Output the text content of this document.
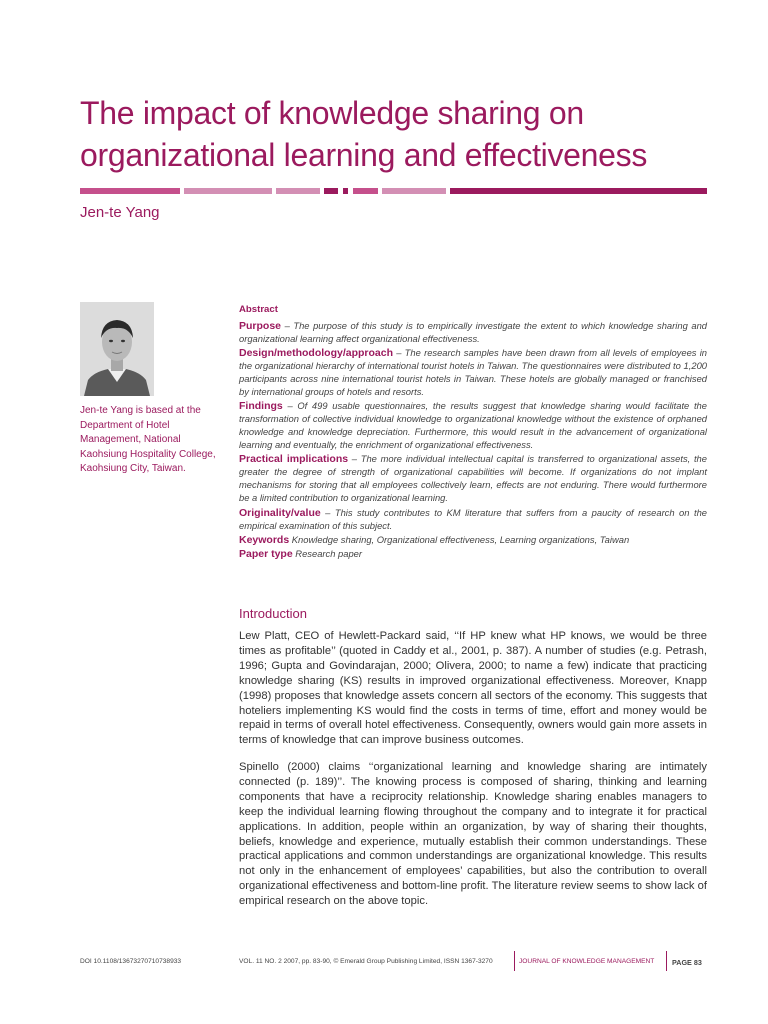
The impact of knowledge sharing on organizational learning and effectiveness
Jen-te Yang
Jen-te Yang is based at the Department of Hotel Management, National Kaohsiung Hospitality College, Kaohsiung City, Taiwan.
Abstract

Purpose – The purpose of this study is to empirically investigate the extent to which knowledge sharing and organizational learning affect organizational effectiveness.

Design/methodology/approach – The research samples have been drawn from all levels of employees in the organizational hierarchy of international tourist hotels in Taiwan. The questionnaires were distributed to 1,200 participants across nine international tourist hotels in Taiwan. These hotels are globally managed or franchised by international groups of hotels and resorts.

Findings – Of 499 usable questionnaires, the results suggest that knowledge sharing would facilitate the transformation of collective individual knowledge to organizational knowledge without the existence of orphaned knowledge and knowledge depreciation. Furthermore, this would result in the advancement of organizational learning and eventually, the enrichment of organizational effectiveness.

Practical implications – The more individual intellectual capital is transferred to organizational assets, the greater the degree of strength of organizational capabilities will become. If organizations do not implant mechanisms for storing that all employees collectively learn, effects are not enduring. There would furthermore be a limited contribution to organizational learning.

Originality/value – This study contributes to KM literature that suffers from a paucity of research on the empirical examination of this subject.

Keywords Knowledge sharing, Organizational effectiveness, Learning organizations, Taiwan

Paper type Research paper

Introduction

Lew Platt, CEO of Hewlett-Packard said, ‘‘If HP knew what HP knows, we would be three times as profitable’’ (quoted in Caddy et al., 2001, p. 387). A number of studies (e.g. Petrash, 1996; Gupta and Govindarajan, 2000; Olivera, 2000; to name a few) indicate that practicing knowledge sharing (KS) results in improved organizational effectiveness. Moreover, Knapp (1998) proposes that knowledge assets concern all sectors of the economy. This suggests that hoteliers implementing KS would find the costs in terms of time, effort and money would be repaid in terms of overall hotel effectiveness. Consequently, owners would gain more assets in terms of knowledge that can improve business outcomes.

Spinello (2000) claims ‘‘organizational learning and knowledge sharing are intimately connected (p. 189)’’. The knowing process is composed of sharing, thinking and learning components that have a reciprocity relationship. Knowledge sharing enables managers to keep the individual learning flowing throughout the company and to integrate it for practical applications. In addition, people within an organization, by way of sharing their thoughts, beliefs, knowledge and experience, mutually establish their common understandings. These practical applications and common understandings are organizational knowledge. This results not only in the enhancement of employees’ capabilities, but also the contribution to overall organizational effectiveness and bottom-line profit. The literature review seems to show lack of empirical research on the above topic.

DOI 10.1108/13673270710738933	VOL. 11 NO. 2 2007, pp. 83-90, © Emerald Group Publishing Limited, ISSN 1367-3270	JOURNAL OF KNOWLEDGE MANAGEMENT PAGE 83
